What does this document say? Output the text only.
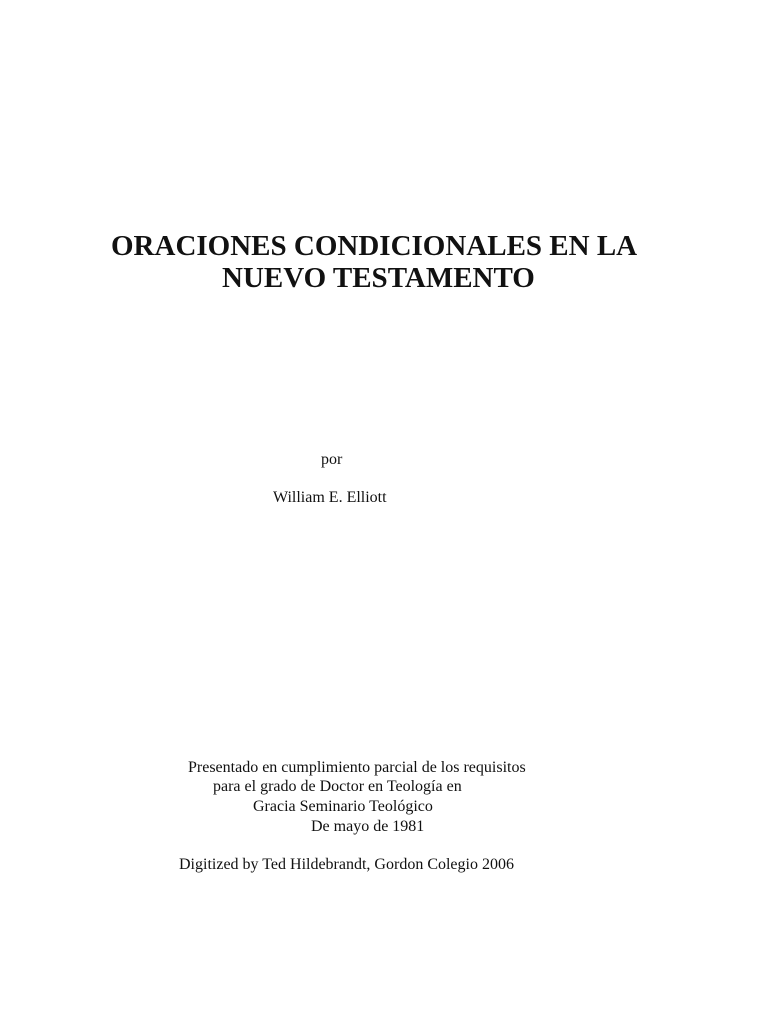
ORACIONES CONDICIONALES EN LA
NUEVO TESTAMENTO
por
William E. Elliott
Presentado en cumplimiento parcial de los requisitos
para el grado de Doctor en Teología en
Gracia Seminario Teológico
De mayo de 1981
Digitized by Ted Hildebrandt, Gordon Colegio 2006
